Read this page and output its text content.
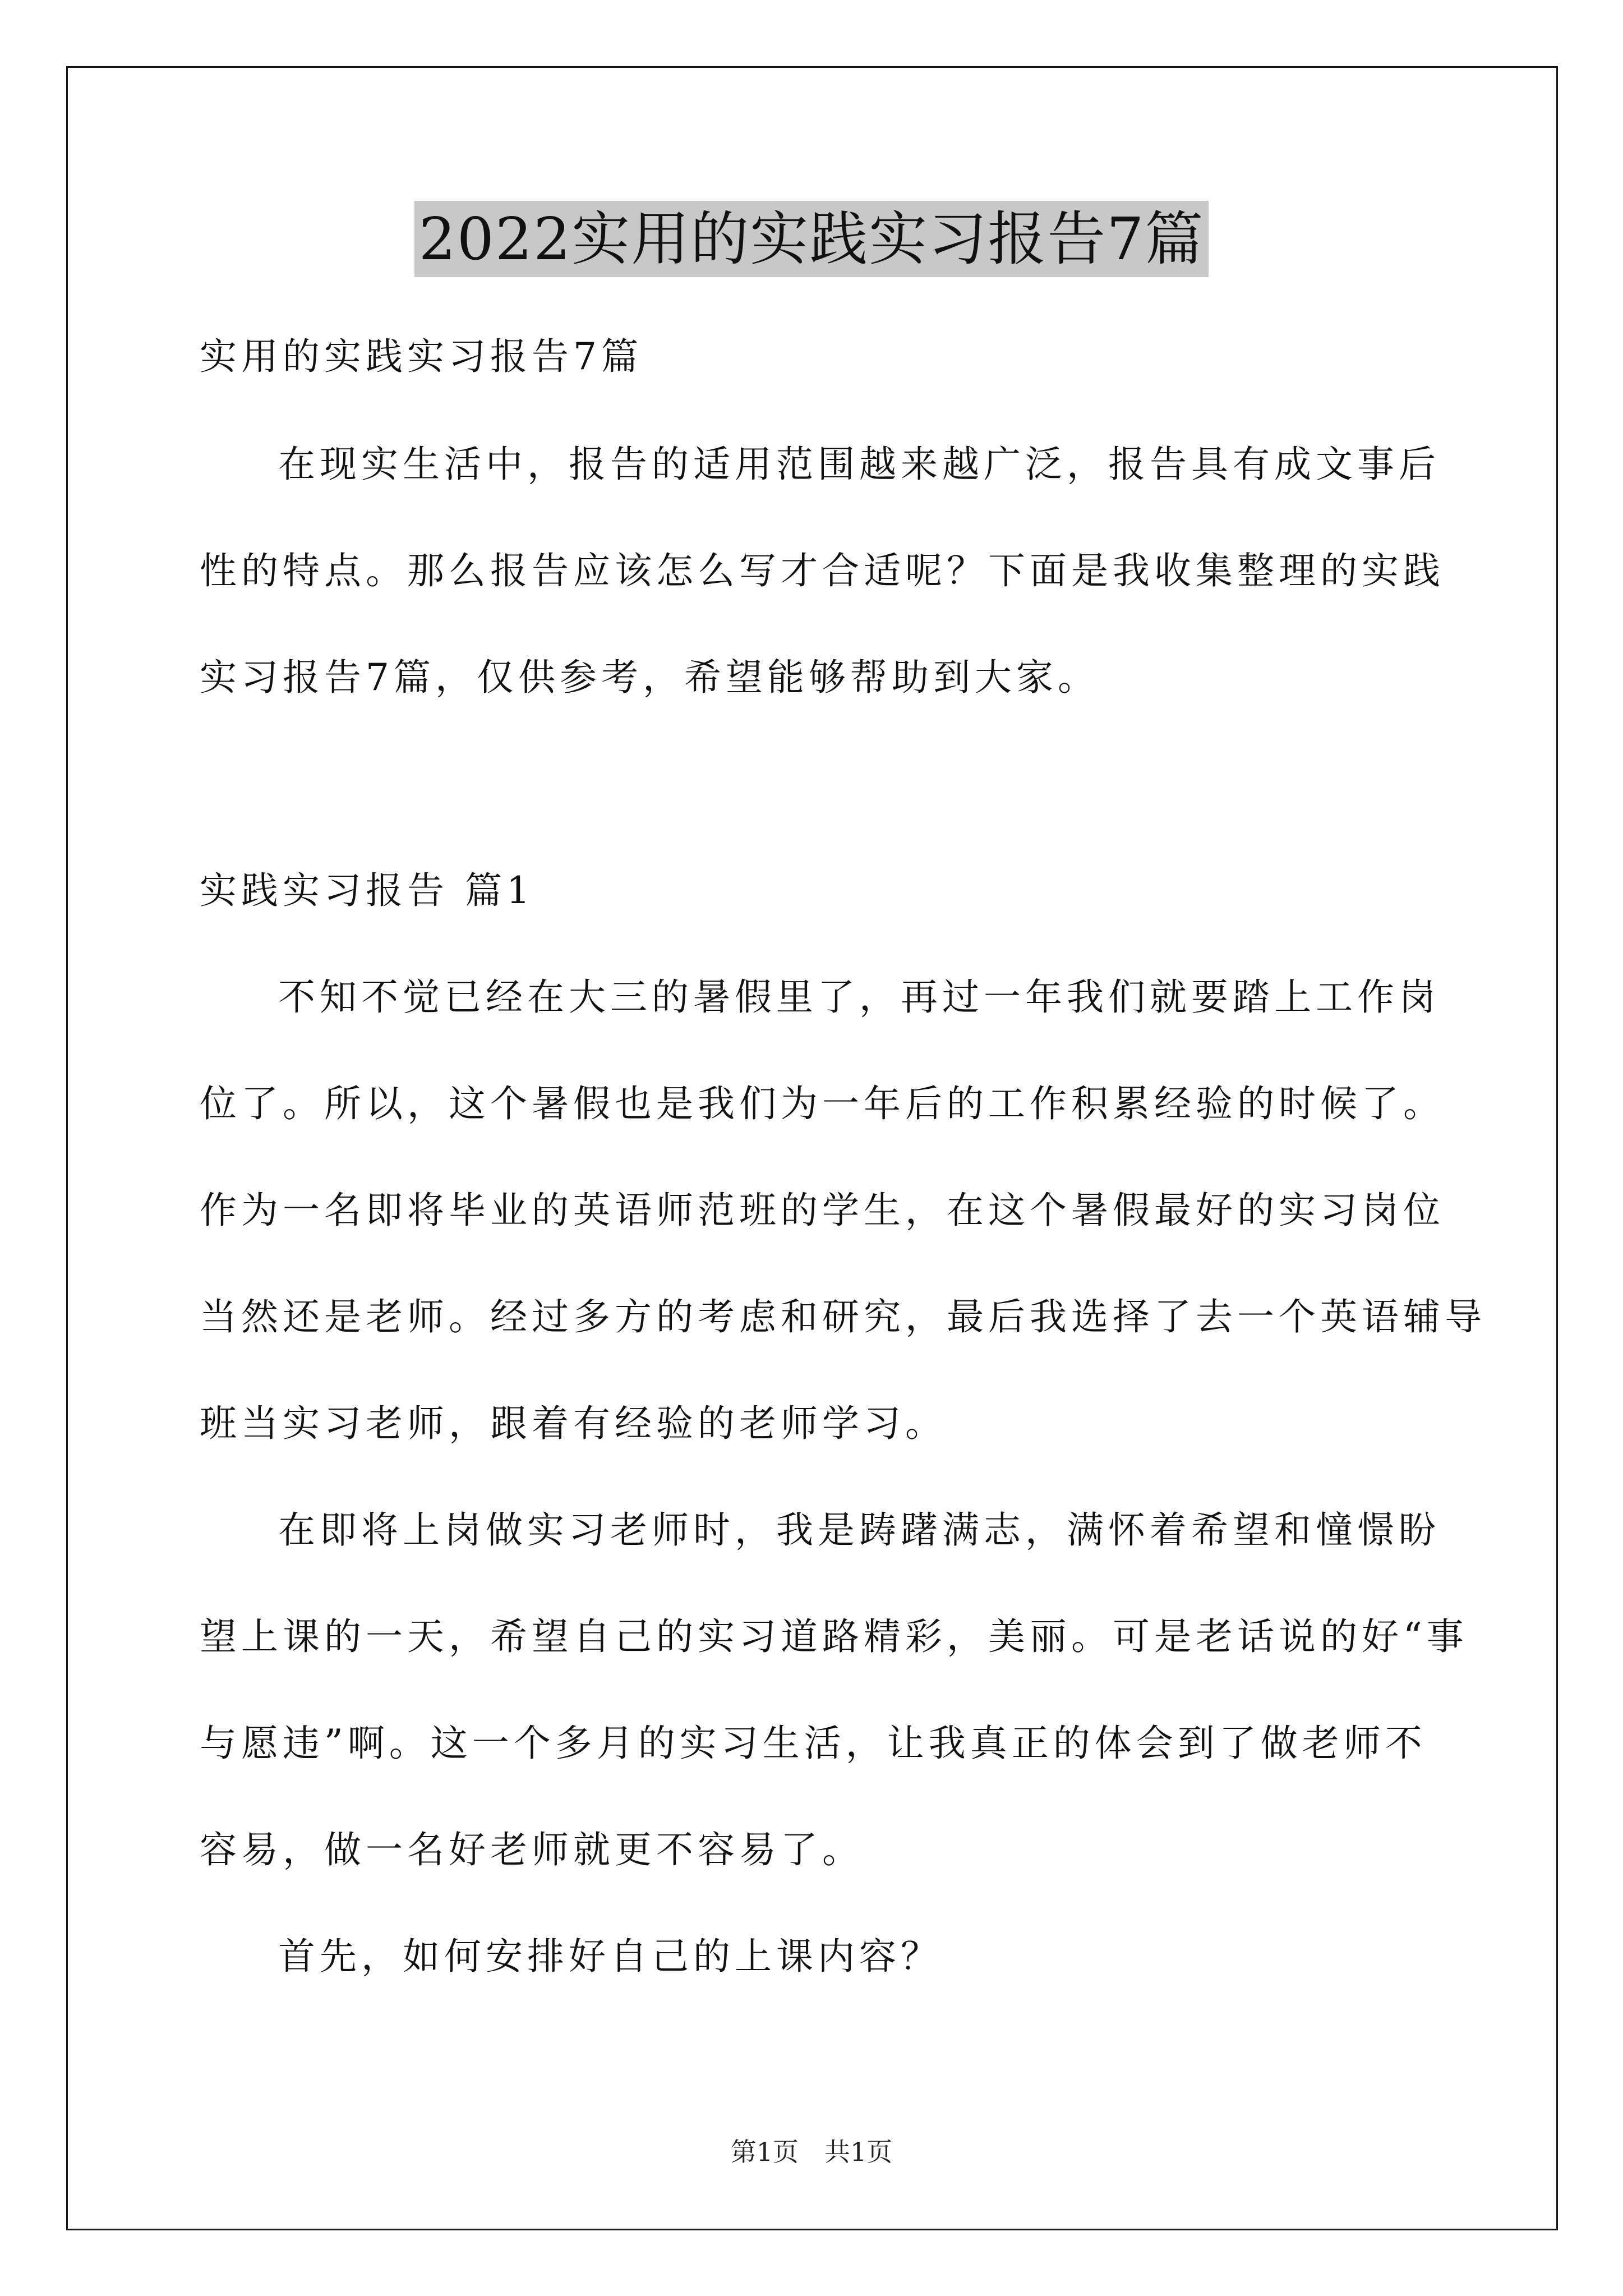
2022实用的实践实习报告7篇
实用的实践实习报告7篇
在现实生活中，报告的适用范围越来越广泛，报告具有成文事后
性的特点。那么报告应该怎么写才合适呢？下面是我收集整理的实践
实习报告7篇，仅供参考，希望能够帮助到大家。
实践实习报告 篇1
不知不觉已经在大三的暑假里了，再过一年我们就要踏上工作岗
位了。所以，这个暑假也是我们为一年后的工作积累经验的时候了。
作为一名即将毕业的英语师范班的学生，在这个暑假最好的实习岗位
当然还是老师。经过多方的考虑和研究，最后我选择了去一个英语辅导
班当实习老师，跟着有经验的老师学习。
在即将上岗做实习老师时，我是踌躇满志，满怀着希望和憧憬盼
望上课的一天，希望自己的实习道路精彩，美丽。可是老话说的好“事
与愿违”啊。这一个多月的实习生活，让我真正的体会到了做老师不
容易，做一名好老师就更不容易了。
首先，如何安排好自己的上课内容？
第1页　共1页
